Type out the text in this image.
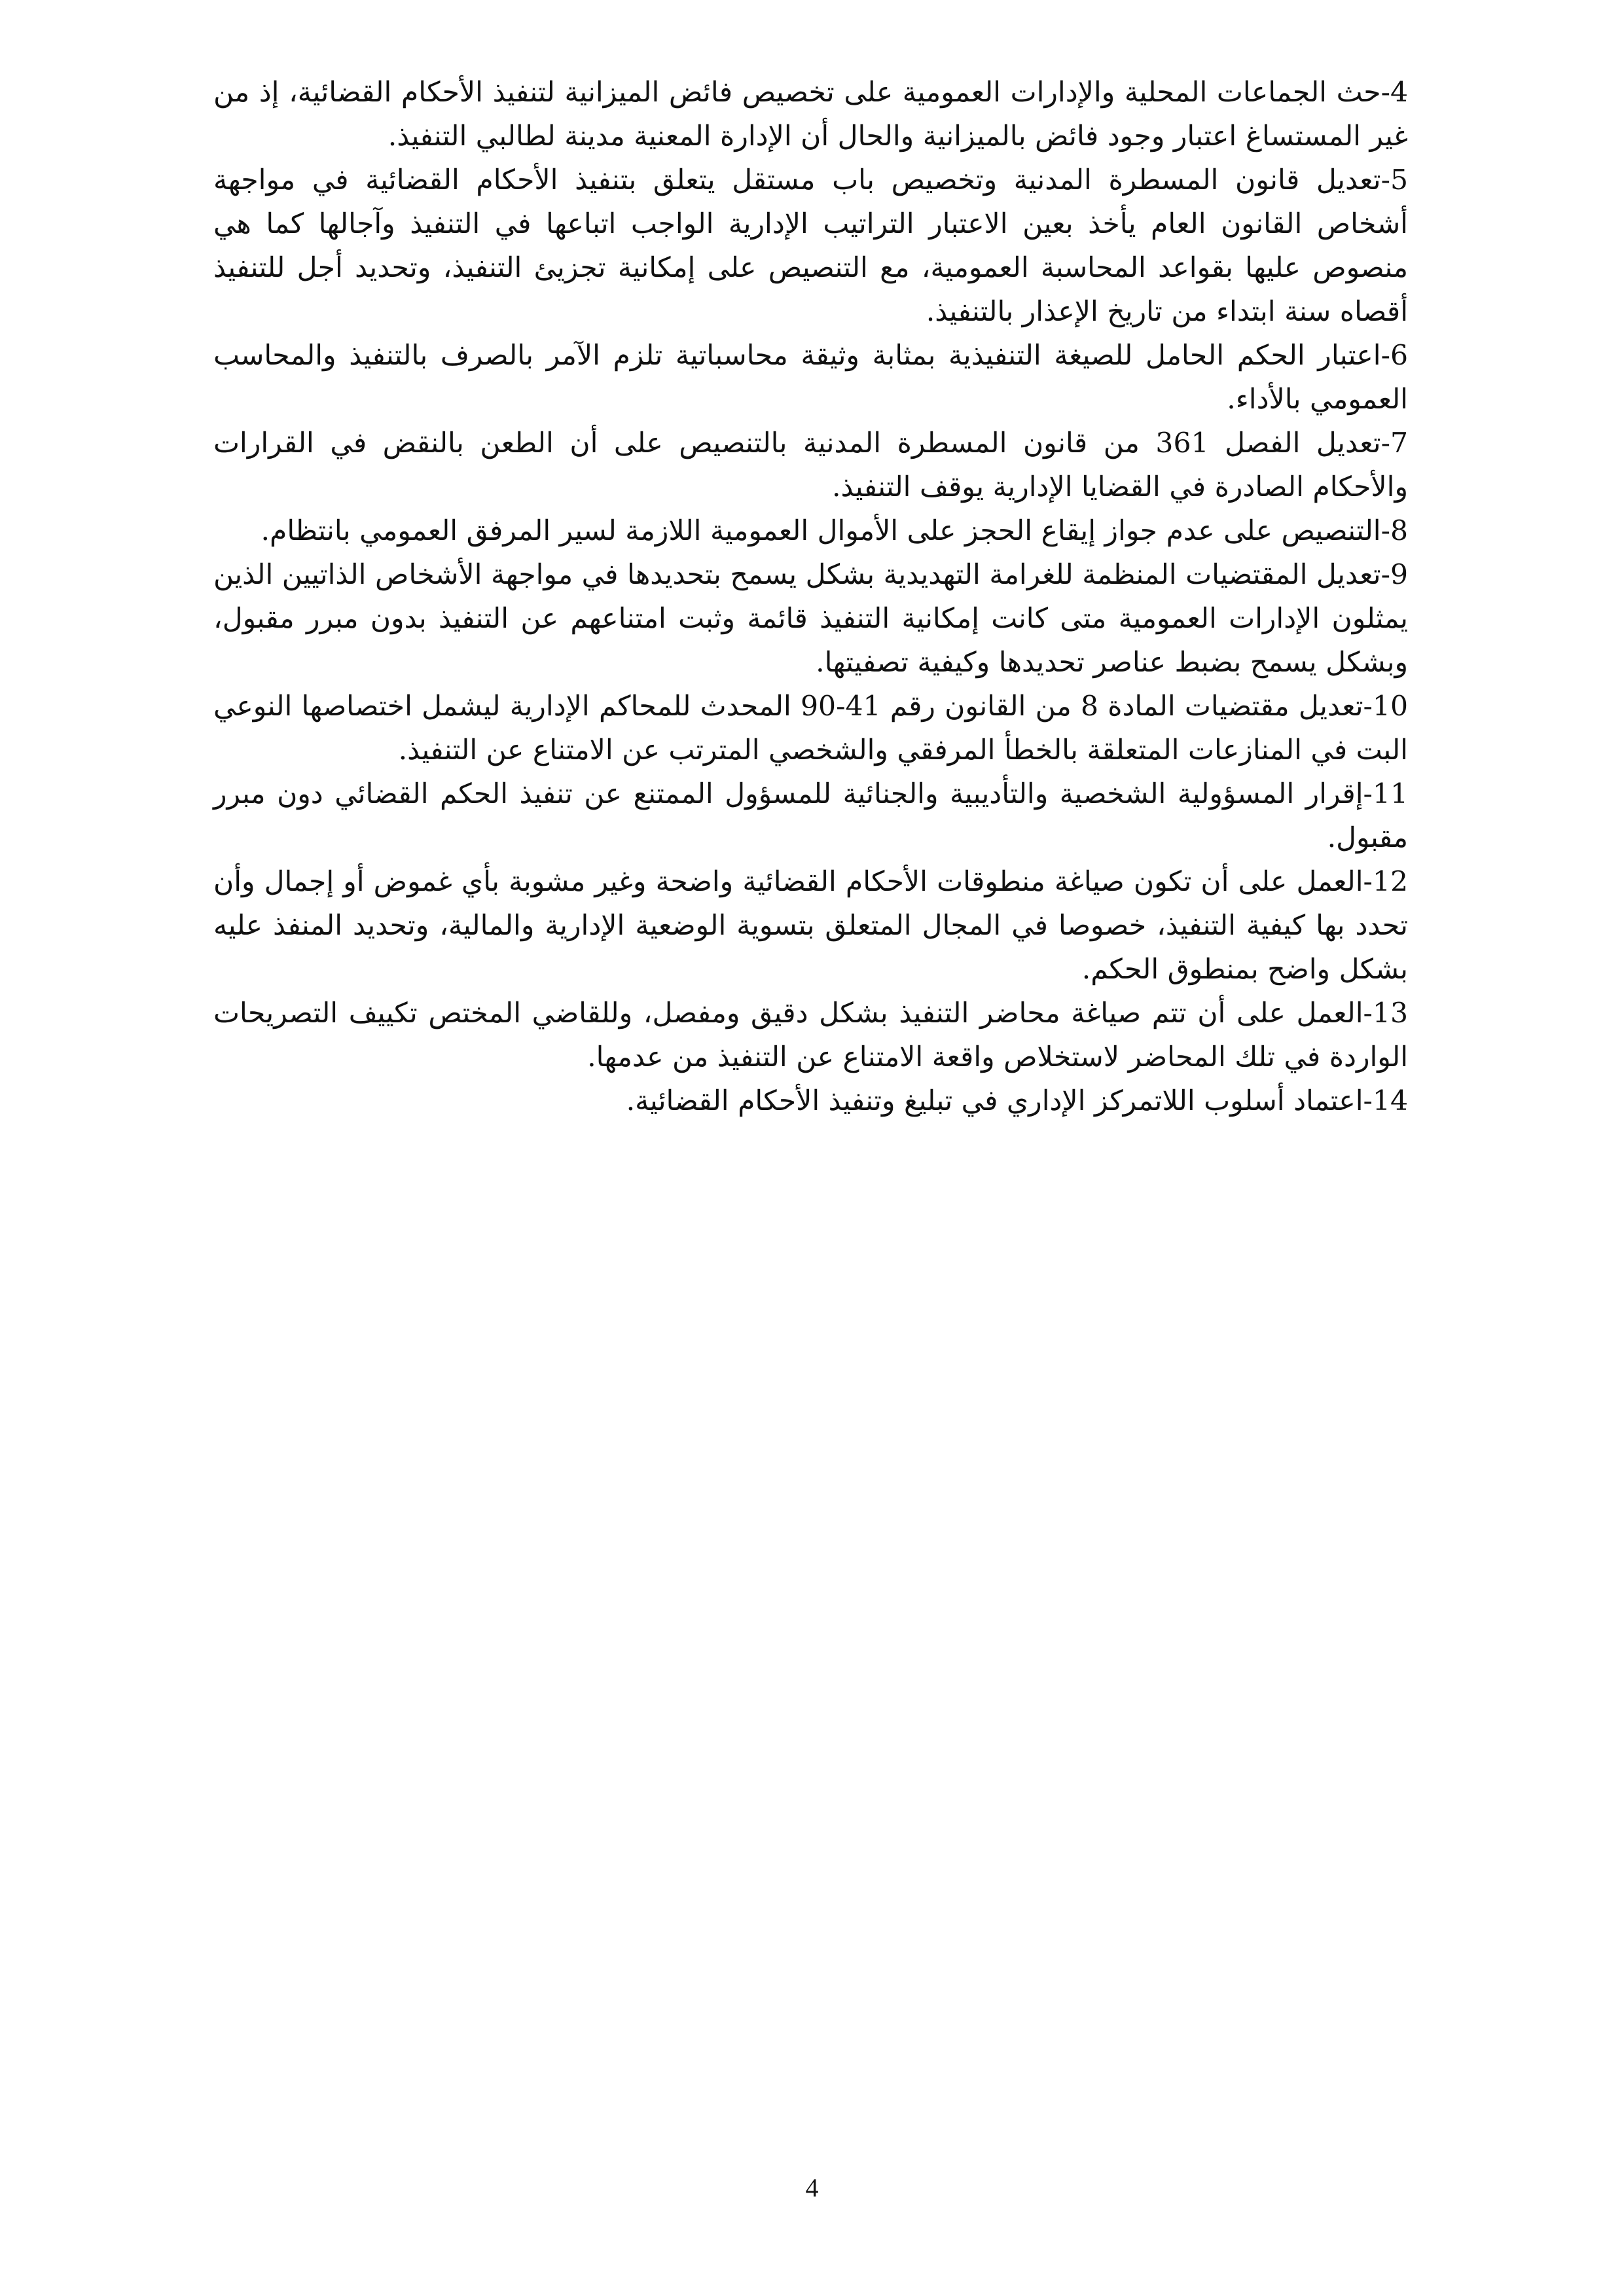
4-حث الجماعات المحلية والإدارات العمومية على تخصيص فائض الميزانية لتنفيذ الأحكام القضائية، إذ من غير المستساغ اعتبار وجود فائض بالميزانية والحال أن الإدارة المعنية مدينة لطالبي التنفيذ.

5-تعديل قانون المسطرة المدنية وتخصيص باب مستقل يتعلق بتنفيذ الأحكام القضائية في مواجهة أشخاص القانون العام يأخذ بعين الاعتبار التراتيب الإدارية الواجب اتباعها في التنفيذ وآجالها كما هي منصوص عليها بقواعد المحاسبة العمومية، مع التنصيص على إمكانية تجزيئ التنفيذ، وتحديد أجل للتنفيذ أقصاه سنة ابتداء من تاريخ الإعذار بالتنفيذ.

6-اعتبار الحكم الحامل للصيغة التنفيذية بمثابة وثيقة محاسباتية تلزم الآمر بالصرف بالتنفيذ والمحاسب العمومي بالأداء.

7-تعديل الفصل 361 من قانون المسطرة المدنية بالتنصيص على أن الطعن بالنقض في القرارات والأحكام الصادرة في القضايا الإدارية يوقف التنفيذ.

8-التنصيص على عدم جواز إيقاع الحجز على الأموال العمومية اللازمة لسير المرفق العمومي بانتظام.

9-تعديل المقتضيات المنظمة للغرامة التهديدية بشكل يسمح بتحديدها في مواجهة الأشخاص الذاتيين الذين يمثلون الإدارات العمومية متى كانت إمكانية التنفيذ قائمة وثبت امتناعهم عن التنفيذ بدون مبرر مقبول، وبشكل يسمح بضبط عناصر تحديدها وكيفية تصفيتها.

10-تعديل مقتضيات المادة 8 من القانون رقم 41-90 المحدث للمحاكم الإدارية ليشمل اختصاصها النوعي البت في المنازعات المتعلقة بالخطأ المرفقي والشخصي المترتب عن الامتناع عن التنفيذ.

11-إقرار المسؤولية الشخصية والتأديبية والجنائية للمسؤول الممتنع عن تنفيذ الحكم القضائي دون مبرر مقبول.

12-العمل على أن تكون صياغة منطوقات الأحكام القضائية واضحة وغير مشوبة بأي غموض أو إجمال وأن تحدد بها كيفية التنفيذ، خصوصا في المجال المتعلق بتسوية الوضعية الإدارية والمالية، وتحديد المنفذ عليه بشكل واضح بمنطوق الحكم.

13-العمل على أن تتم صياغة محاضر التنفيذ بشكل دقيق ومفصل، وللقاضي المختص تكييف التصريحات الواردة في تلك المحاضر لاستخلاص واقعة الامتناع عن التنفيذ من عدمها.

14-اعتماد أسلوب اللاتمركز الإداري في تبليغ وتنفيذ الأحكام القضائية.

4
